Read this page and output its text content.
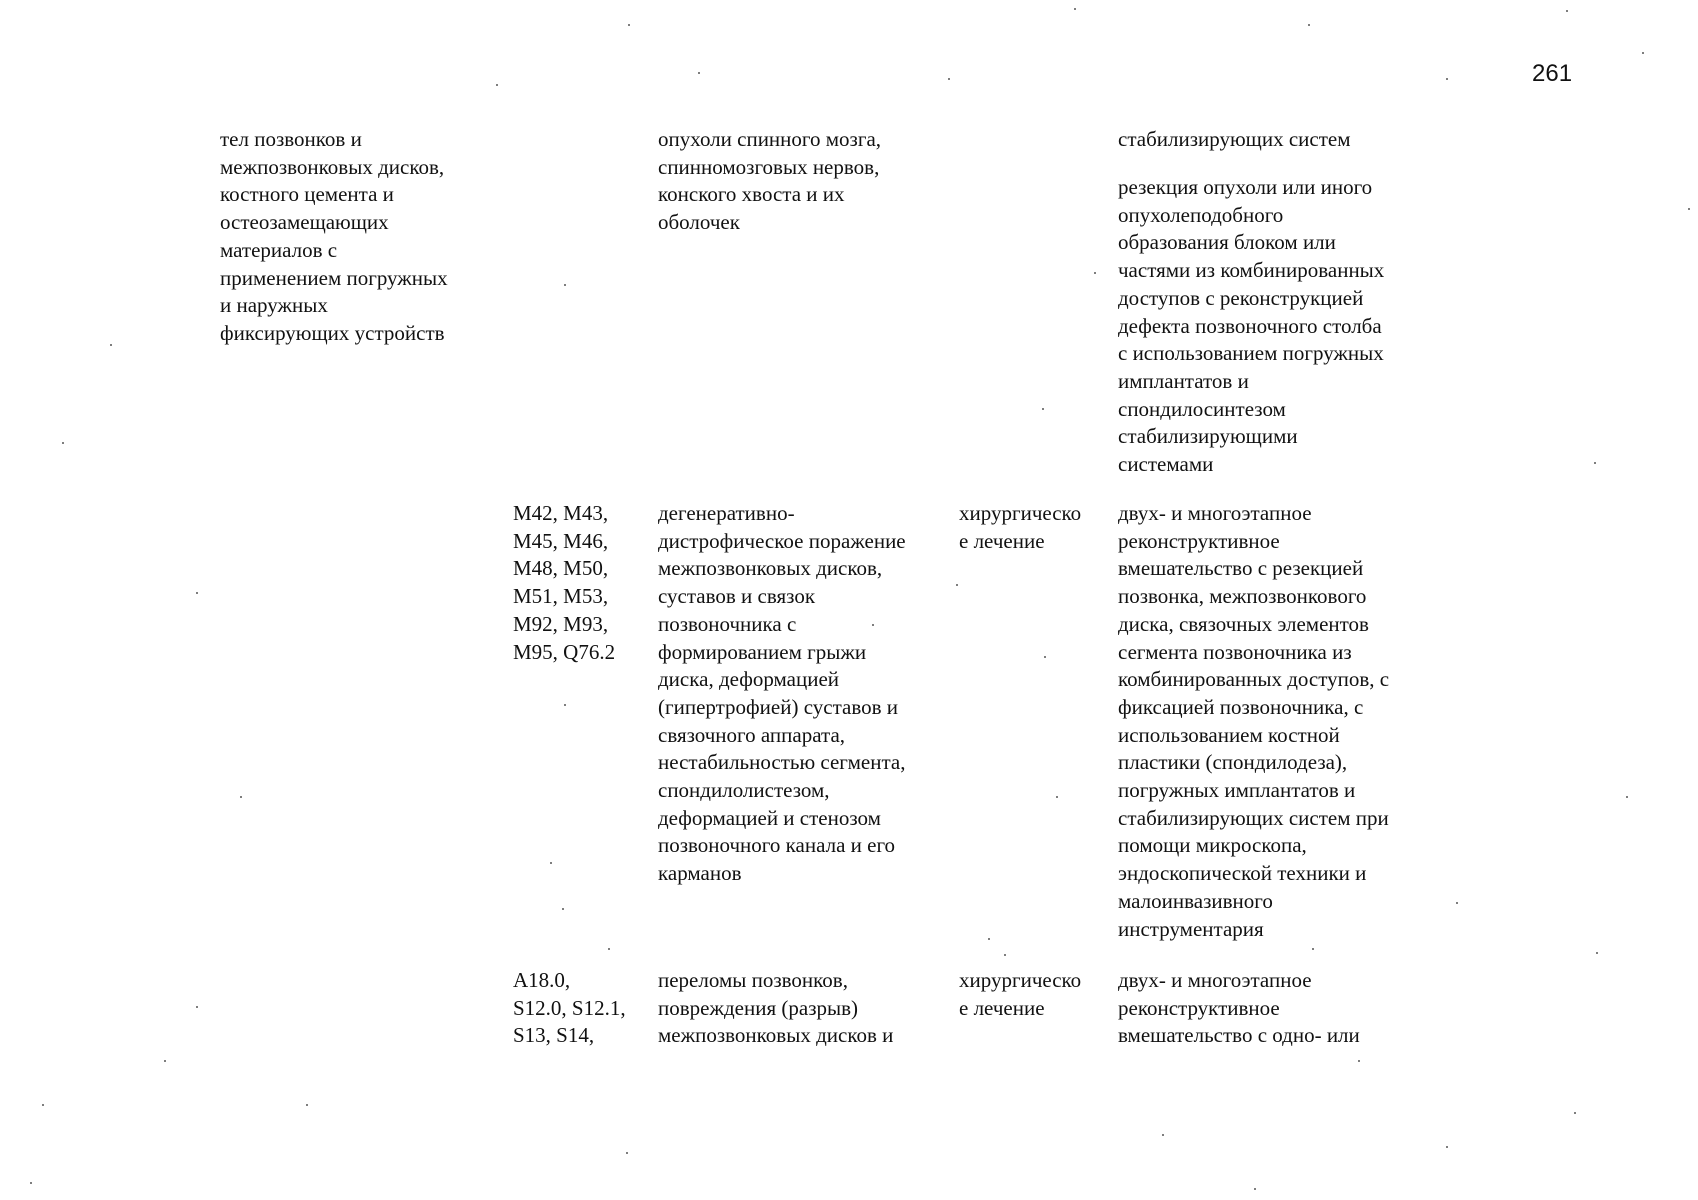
261
тел позвонков и
межпозвонковых дисков,
костного цемента и
остеозамещающих
материалов с
применением погружных
и наружных
фиксирующих устройств
опухоли спинного мозга,
спинномозговых нервов,
конского хвоста и их
оболочек
стабилизирующих систем
резекция опухоли или иного
опухолеподобного
образования блоком или
частями из комбинированных
доступов с реконструкцией
дефекта позвоночного столба
с использованием погружных
имплантатов и
спондилосинтезом
стабилизирующими
системами
M42, M43,
M45, M46,
M48, M50,
M51, M53,
M92, M93,
M95, Q76.2
дегенеративно-
дистрофическое поражение
межпозвонковых дисков,
суставов и связок
позвоночника с
формированием грыжи
диска, деформацией
(гипертрофией) суставов и
связочного аппарата,
нестабильностью сегмента,
спондилолистезом,
деформацией и стенозом
позвоночного канала и его
карманов
хирургическо
е лечение
двух- и многоэтапное
реконструктивное
вмешательство с резекцией
позвонка, межпозвонкового
диска, связочных элементов
сегмента позвоночника из
комбинированных доступов, с
фиксацией позвоночника, с
использованием костной
пластики (спондилодеза),
погружных имплантатов и
стабилизирующих систем при
помощи микроскопа,
эндоскопической техники и
малоинвазивного
инструментария
A18.0,
S12.0, S12.1,
S13, S14,
переломы позвонков,
повреждения (разрыв)
межпозвонковых дисков и
хирургическо
е лечение
двух- и многоэтапное
реконструктивное
вмешательство с одно- или
